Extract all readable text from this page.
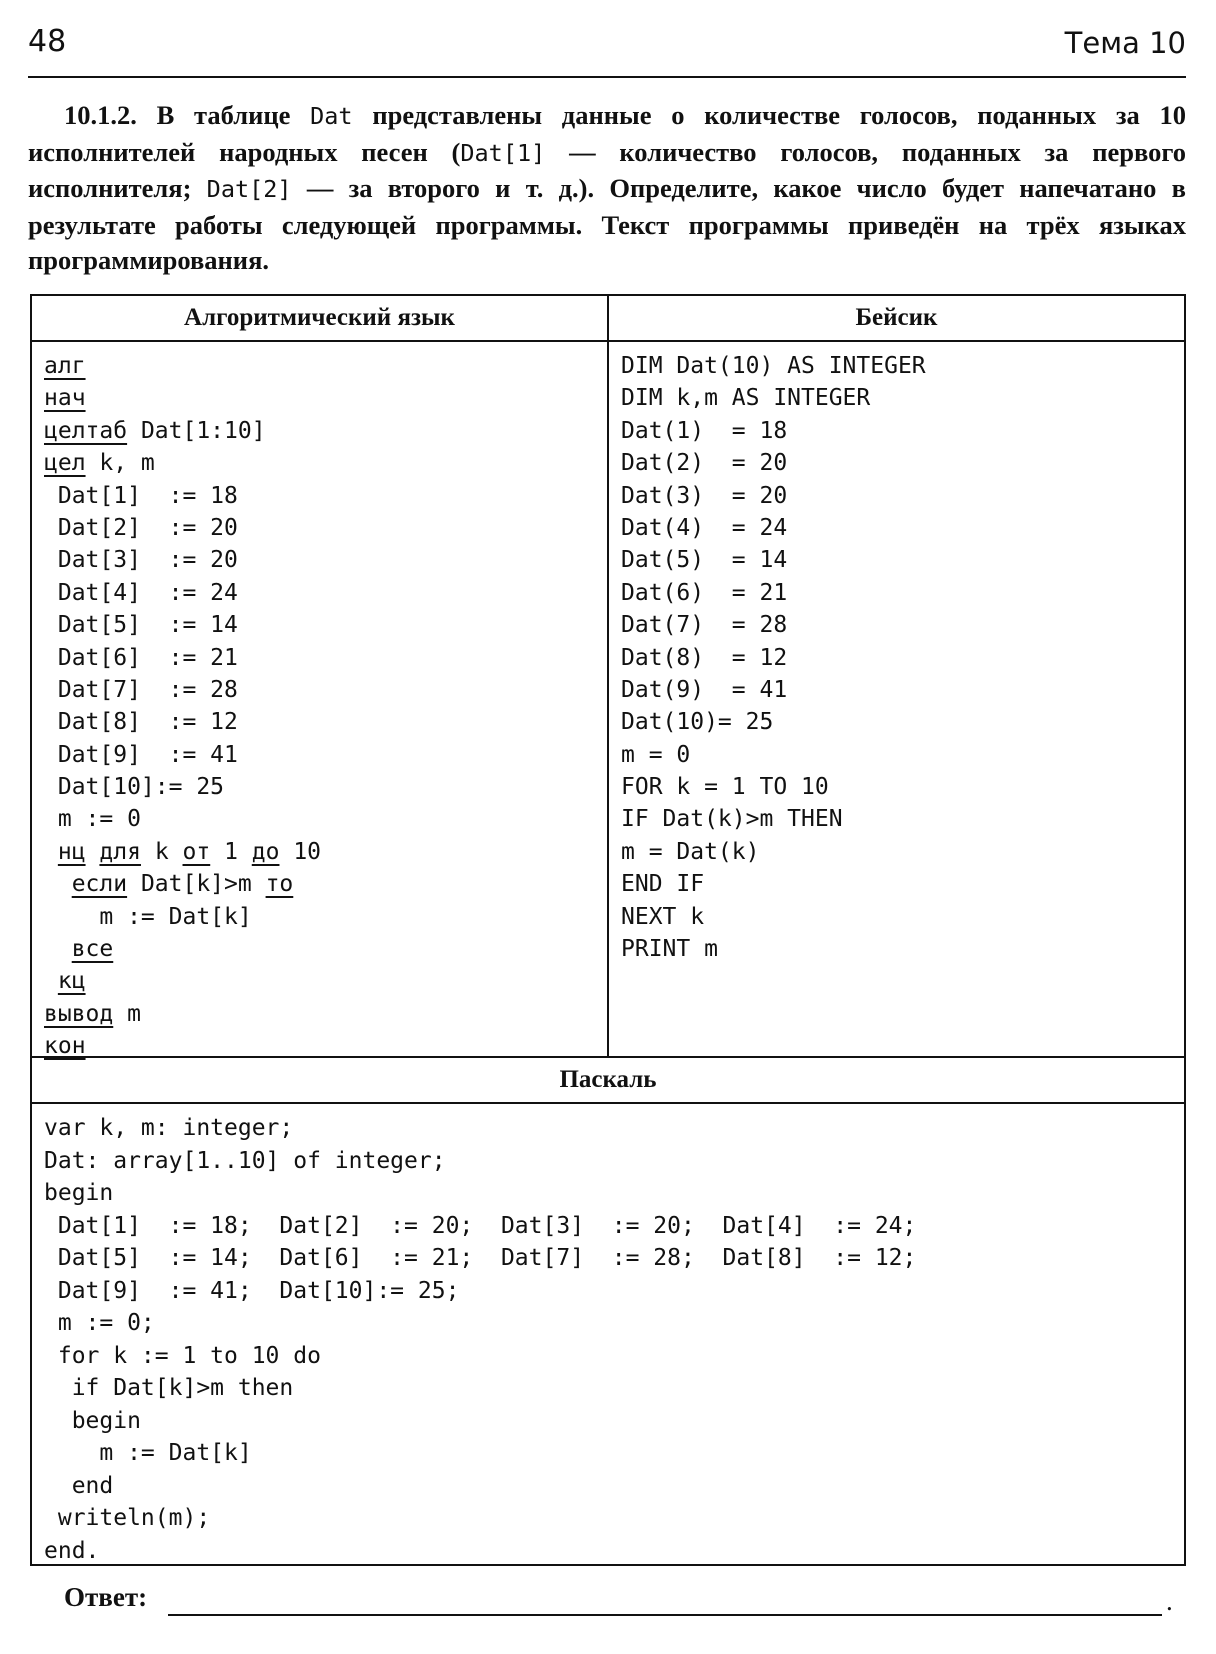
48	Тема 10
10.1.2. В таблице Dat представлены данные о количестве голосов, поданных за 10 исполнителей народных песен (Dat[1] — количество голосов, поданных за первого исполнителя; Dat[2] — за второго и т. д.). Определите, какое число будет напечатано в результате работы следующей программы. Текст программы приведён на трёх языках программирования.
Алгоритмический язык	Бейсик
алг
нач
целтаб Dat[1:10]
цел k, m
Dat[1]  := 18
Dat[2]  := 20
Dat[3]  := 20
Dat[4]  := 24
Dat[5]  := 14
Dat[6]  := 21
Dat[7]  := 28
Dat[8]  := 12
Dat[9]  := 41
Dat[10]:= 25
m := 0
нц для k от 1 до 10
если Dat[k]>m то
m := Dat[k]
все
кц
вывод m
кон
DIM Dat(10) AS INTEGER
DIM k,m AS INTEGER
Dat(1)  = 18
Dat(2)  = 20
Dat(3)  = 20
Dat(4)  = 24
Dat(5)  = 14
Dat(6)  = 21
Dat(7)  = 28
Dat(8)  = 12
Dat(9)  = 41
Dat(10)= 25
m = 0
FOR k = 1 TO 10
IF Dat(k)>m THEN
m = Dat(k)
END IF
NEXT k
PRINT m
Паскаль
var k, m: integer;
Dat: array[1..10] of integer;
begin
Dat[1]  := 18;  Dat[2]  := 20;  Dat[3]  := 20;  Dat[4]  := 24;
Dat[5]  := 14;  Dat[6]  := 21;  Dat[7]  := 28;  Dat[8]  := 12;
Dat[9]  := 41;  Dat[10]:= 25;
m := 0;
for k := 1 to 10 do
if Dat[k]>m then
begin
m := Dat[k]
end
writeln(m);
end.
Ответ:	.
